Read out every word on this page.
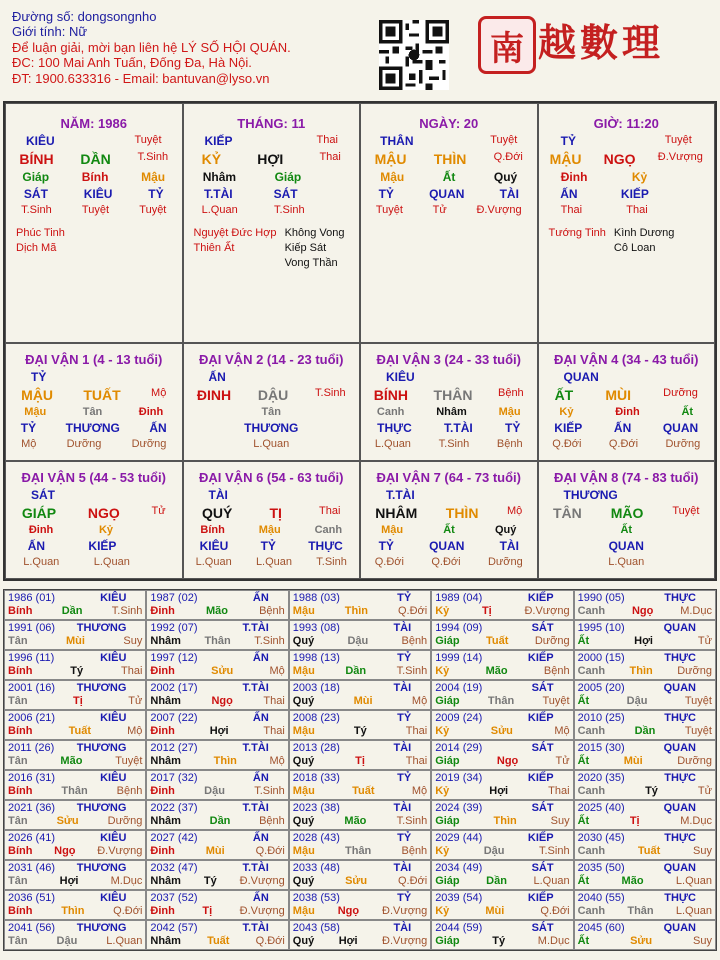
Đường số: dongsongnho
Giới tính: Nữ
Để luận giải, mời bạn liên hệ LÝ SỐ HỘI QUÁN.
ĐC: 100 Mai Anh Tuấn, Đống Đa, Hà Nội.
ĐT: 1900.633316 - Email: bantuvan@lyso.vn
南 越數理
NĂM: 1986
KIÊU	Tuyệt
BÍNH DẦN T.Sinh
Giáp	Bính	Mậu
SÁT	KIÊU	TỶ
T.Sinh	Tuyệt	Tuyệt
Phúc Tinh
Dịch Mã
THÁNG: 11
KIẾP	Thai
KỶ	HỢI	Thai
Nhâm	Giáp
T.TÀI	SÁT
L.Quan	T.Sinh
Nguyệt Đức Hợp
Thiên Ất
Không Vong
Kiếp Sát
Vong Thần
NGÀY: 20
THÂN	Tuyệt
MẬU THÌN Q.Đới
Mậu	Ất	Quý
TỶ	QUAN	TÀI
Tuyệt	Tử	Đ.Vượng
GIỜ: 11:20
TỶ	Tuyệt
MẬU NGỌ Đ.Vượng
Đinh	Kỷ
ẤN	KIẾP
Thai	Thai
Tướng Tinh Kình Dương
Cô Loan
ĐẠI VẬN 1 (4 - 13 tuổi)
TỶ
MẬU TUẤT	Mộ
Mậu	Tân	Đinh
TỶ THƯƠNG ẤN
Mộ	Dưỡng	Dưỡng
ĐẠI VẬN 2 (14 - 23 tuổi)
ẤN
ĐINH DẬU T.Sinh
Tân
THƯƠNG
L.Quan
ĐẠI VẬN 3 (24 - 33 tuổi)
KIÊU
BÍNH THÂN Bệnh
Canh	Nhâm	Mậu
THỰC	T.TÀI	TỶ
L.Quan	T.Sinh	Bệnh
ĐẠI VẬN 4 (34 - 43 tuổi)
QUAN
ẤT MÙI	Dưỡng
Kỷ	Đinh	Ất
KIẾP	ẤN	QUAN
Q.Đới Q.Đới Dưỡng
ĐẠI VẬN 5 (44 - 53 tuổi)
SÁT
GIÁP NGỌ	Tử
Đinh	Kỷ
ẤN	KIẾP
L.Quan	L.Quan
ĐẠI VẬN 6 (54 - 63 tuổi)
TÀI
QUÝ	TỊ	Thai
Bính	Mậu	Canh
KIÊU	TỶ	THỰC
L.Quan L.Quan T.Sinh
ĐẠI VẬN 7 (64 - 73 tuổi)
T.TÀI
NHÂM THÌN	Mộ
Mậu	Ất	Quý
TỶ	QUAN	TÀI
Q.Đới Q.Đới Dưỡng
ĐẠI VẬN 8 (74 - 83 tuổi)
THƯƠNG
TÂN MÃO	Tuyệt
Ất
QUAN
L.Quan
1986 (01)	KIÊU
Bính	Dần	T.Sinh
1987 (02)	ẤN
Đinh	Mão	Bệnh
1988 (03)	TỶ
Mậu	Thìn	Q.Đới
1989 (04)	KIẾP
Kỷ	Tị	Đ.Vượng
1990 (05)	THỰC
Canh Ngọ M.Dục
1991 (06) THƯƠNG
Tân	Mùi	Suy
1992 (07)	T.TÀI
Nhâm Thân T.Sinh
1993 (08)	TÀI
Quý	Dậu	Bệnh
1994 (09)	SÁT
Giáp Tuất Dưỡng
1995 (10)	QUAN
Ất	Hợi	Tử
1996 (11)	KIÊU
Bính	Tý	Thai
1997 (12)	ẤN
Đinh	Sửu	Mộ
1998 (13)	TỶ
Mậu	Dần	T.Sinh
1999 (14)	KIẾP
Kỷ	Mão	Bệnh
2000 (15)	THỰC
Canh Thìn Dưỡng
2001 (16) THƯƠNG
Tân	Tị	Tử
2002 (17)	T.TÀI
Nhâm	Ngọ	Thai
2003 (18)	TÀI
Quý	Mùi	Mộ
2004 (19)	SÁT
Giáp	Thân	Tuyệt
2005 (20)	QUAN
Ất	Dậu	Tuyệt
2006 (21)	KIÊU
Bính	Tuất	Mộ
2007 (22)	ẤN
Đinh	Hợi	Thai
2008 (23)	TỶ
Mậu	Tý	Thai
2009 (24)	KIẾP
Kỷ	Sửu	Mộ
2010 (25)	THỰC
Canh	Dần	Tuyệt
2011 (26) THƯƠNG
Tân	Mão	Tuyệt
2012 (27)	T.TÀI
Nhâm	Thìn	Mộ
2013 (28)	TÀI
Quý	Tị	Thai
2014 (29)	SÁT
Giáp	Ngọ	Tử
2015 (30)	QUAN
Ất	Mùi	Dưỡng
2016 (31)	KIÊU
Bính	Thân	Bệnh
2017 (32)	ẤN
Đinh	Dậu	T.Sinh
2018 (33)	TỶ
Mậu	Tuất	Mộ
2019 (34)	KIẾP
Kỷ	Hợi	Thai
2020 (35)	THỰC
Canh	Tý	Tử
2021 (36) THƯƠNG
Tân	Sửu	Dưỡng
2022 (37)	T.TÀI
Nhâm	Dần	Bệnh
2023 (38)	TÀI
Quý	Mão	T.Sinh
2024 (39)	SÁT
Giáp	Thìn	Suy
2025 (40)	QUAN
Ất	Tị	M.Dục
2026 (41)	KIÊU
Bính Ngọ Đ.Vượng
2027 (42)	ẤN
Đinh	Mùi	Q.Đới
2028 (43)	TỶ
Mậu	Thân	Bệnh
2029 (44)	KIẾP
Kỷ	Dậu	T.Sinh
2030 (45)	THỰC
Canh	Tuất	Suy
2031 (46) THƯƠNG
Tân	Hợi	M.Dục
2032 (47)	T.TÀI
Nhâm Tý Đ.Vượng
2033 (48)	TÀI
Quý	Sửu	Q.Đới
2034 (49)	SÁT
Giáp Dần L.Quan
2035 (50)	QUAN
Ất	Mão	L.Quan
2036 (51)	KIÊU
Bính	Thìn	Q.Đới
2037 (52)	ẤN
Đinh	Tị	Đ.Vượng
2038 (53)	TỶ
Mậu Ngọ Đ.Vượng
2039 (54)	KIẾP
Kỷ	Mùi	Q.Đới
2040 (55)	THỰC
Canh Thân L.Quan
2041 (56) THƯƠNG
Tân	Dậu	L.Quan
2042 (57)	T.TÀI
Nhâm Tuất Q.Đới
2043 (58)	TÀI
Quý Hợi Đ.Vượng
2044 (59)	SÁT
Giáp	Tý	M.Dục
2045 (60)	QUAN
Ất	Sửu	Suy
